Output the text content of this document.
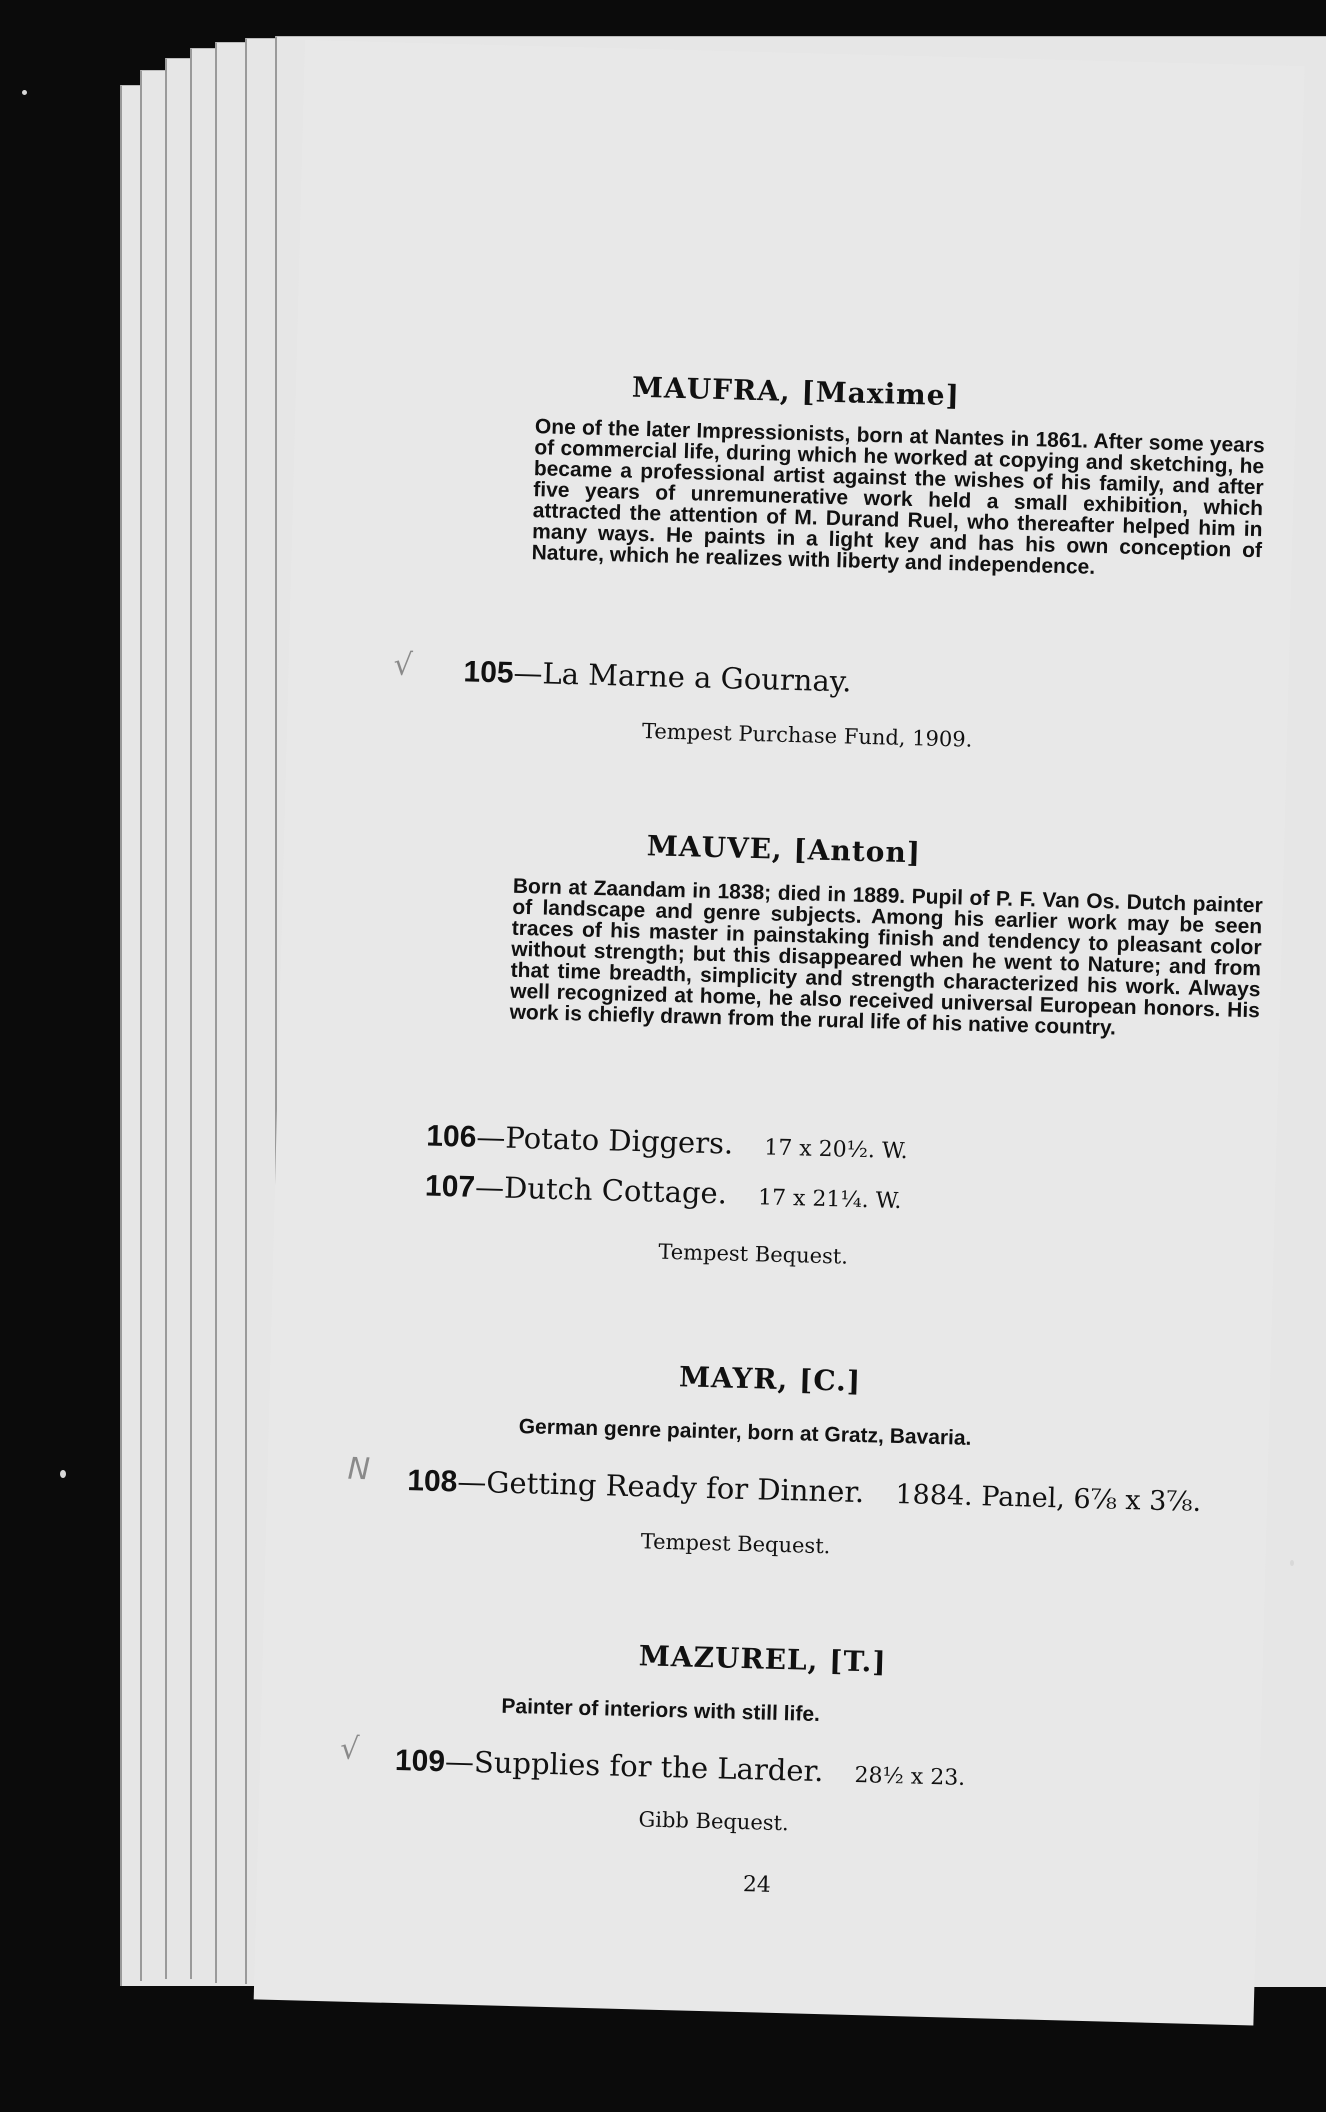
MAUFRA, [Maxime]
One of the later Impressionists, born at Nantes in 1861. After some years of commercial life, during which he worked at copying and sketching, he became a professional artist against the wishes of his family, and after five years of unremunerative work held a small exhibition, which attracted the attention of M. Durand Ruel, who thereafter helped him in many ways. He paints in a light key and has his own conception of Nature, which he realizes with liberty and independence.
105—La Marne a Gournay.
Tempest Purchase Fund, 1909.
MAUVE, [Anton]
Born at Zaandam in 1838; died in 1889. Pupil of P. F. Van Os. Dutch painter of landscape and genre subjects. Among his earlier work may be seen traces of his master in painstaking finish and tendency to pleasant color without strength; but this disappeared when he went to Nature; and from that time breadth, simplicity and strength characterized his work. Always well recognized at home, he also received universal European honors. His work is chiefly drawn from the rural life of his native country.
106—Potato Diggers. 17 x 20½. W.
107—Dutch Cottage. 17 x 21¼. W.
Tempest Bequest.
MAYR, [C.]
German genre painter, born at Gratz, Bavaria.
108—Getting Ready for Dinner. 1884. Panel, 6⅞ x 3⅞.
Tempest Bequest.
MAZUREL, [T.]
Painter of interiors with still life.
109—Supplies for the Larder. 28½ x 23.
Gibb Bequest.
24
√
N
√
